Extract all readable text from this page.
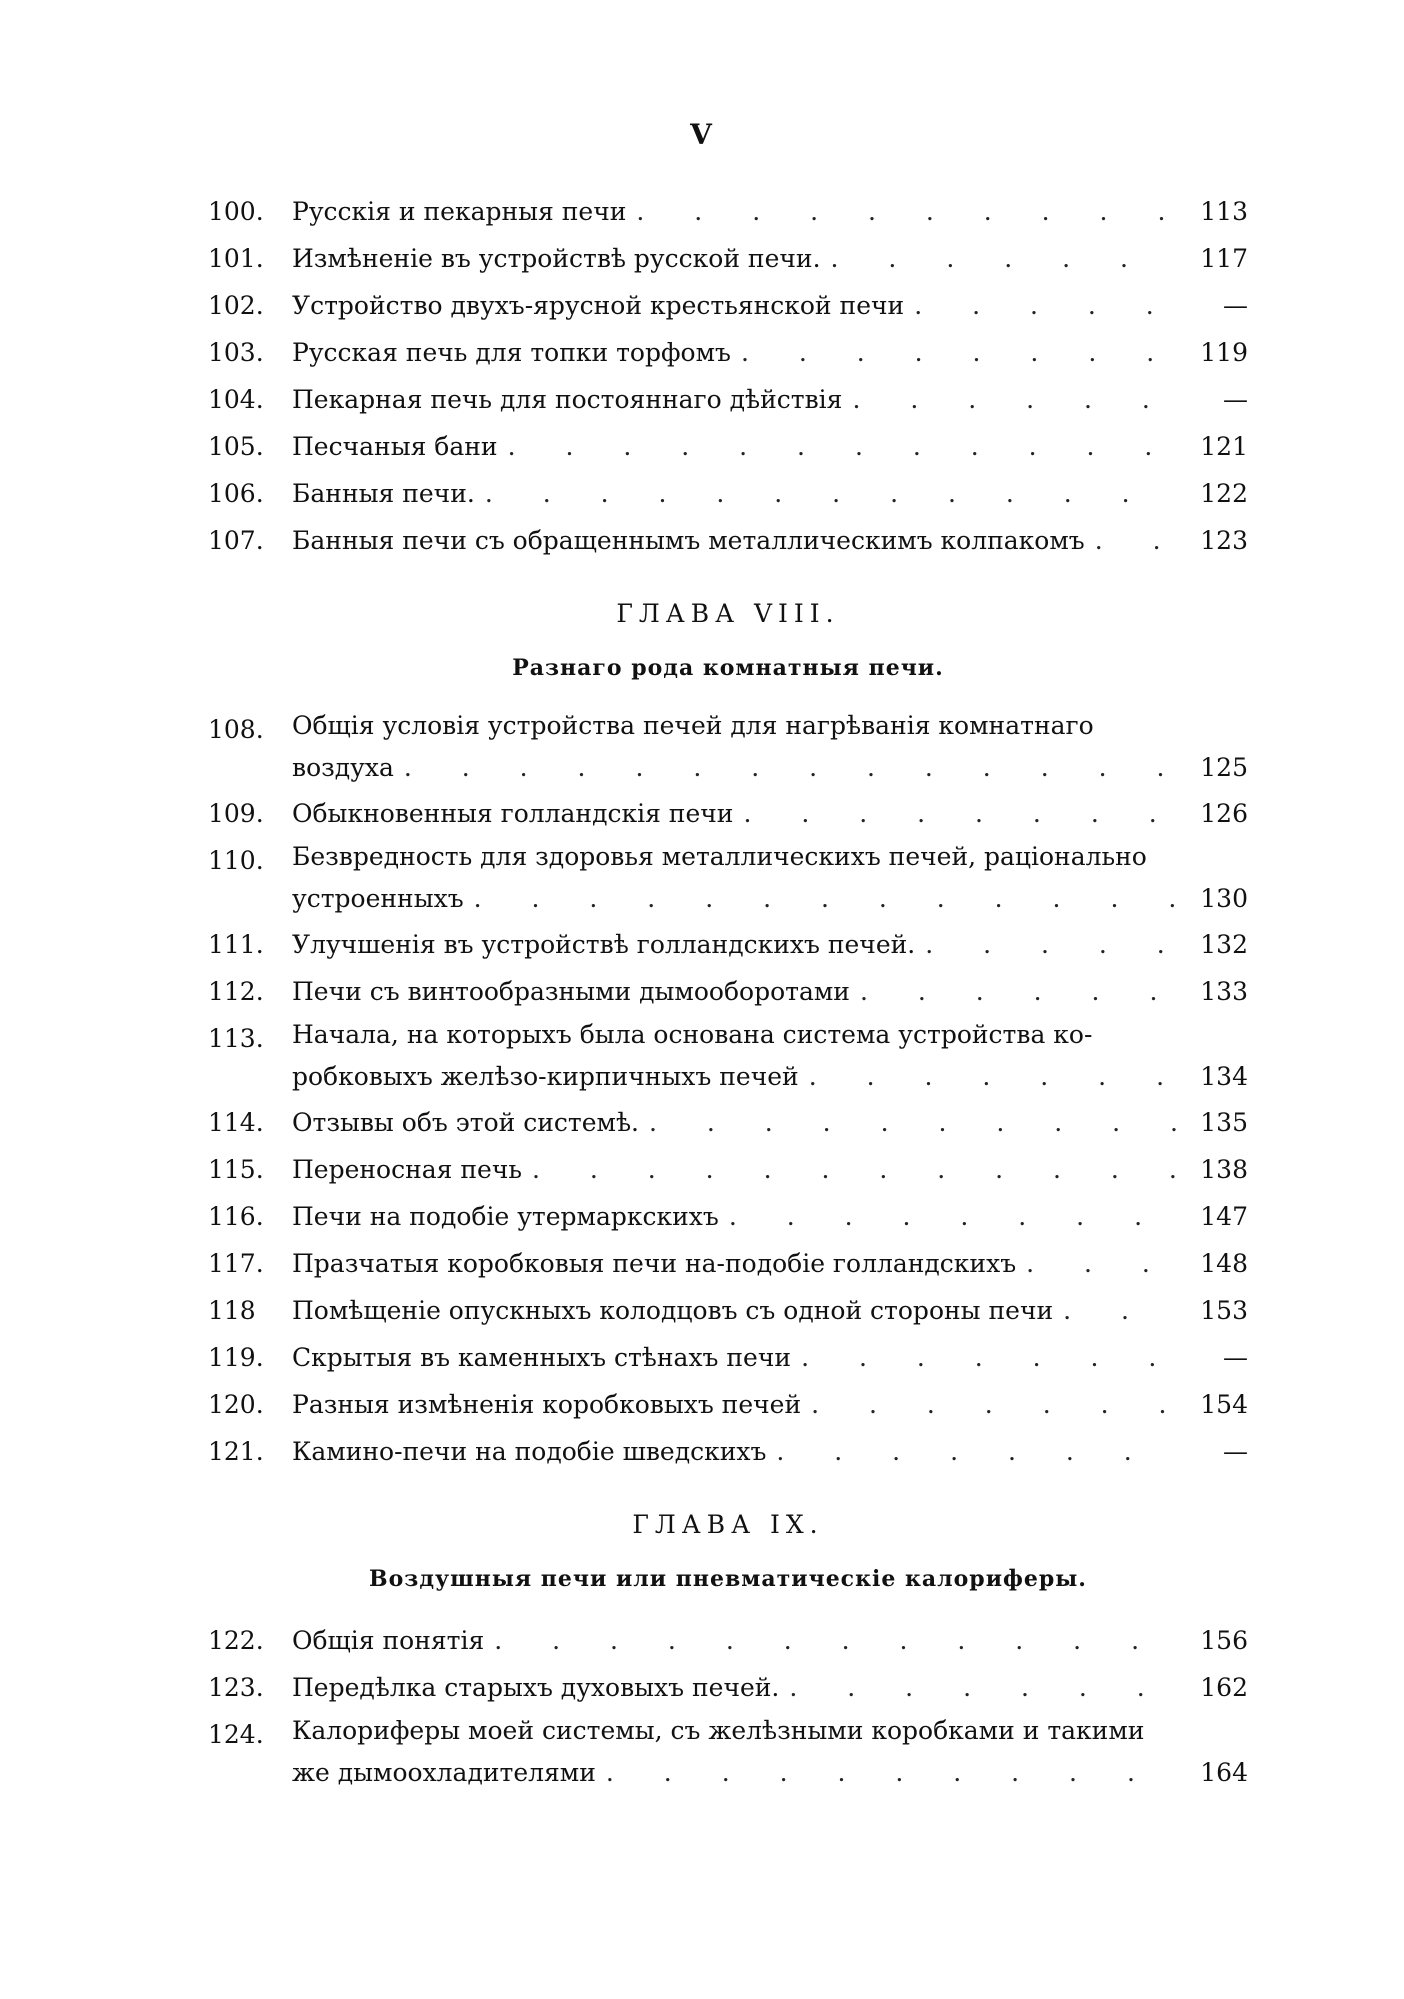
V
100.	Русскія и пекарныя печи . . .	113
101.	Измѣненіе въ устройствѣ русской печи. . . .	117
102.	Устройство двухъ-ярусной крестьянской печи . . .	—
103.	Русская печь для топки торфомъ . . .	119
104.	Пекарная печь для постояннаго дѣйствія . . .	—
105.	Песчаныя бани . . .	121
106.	Банныя печи. . . .	122
107.	Банныя печи съ обращеннымъ металлическимъ колпакомъ . . .	123
ГЛАВА VIII.
Разнаго рода комнатныя печи.
108.	Общія условія устройства печей для нагрѣванія комнатнаго
воздуха . . .	125
109.	Обыкновенныя голландскія печи . . .	126
110.	Безвредность для здоровья металлическихъ печей, раціонально
устроенныхъ . . .	130
111.	Улучшенія въ устройствѣ голландскихъ печей. . . .	132
112.	Печи съ винтообразными дымооборотами . . .	133
113.	Начала, на которыхъ была основана система устройства ко-
робковыхъ желѣзо-кирпичныхъ печей . . .	134
114.	Отзывы объ этой системѣ. . . .	135
115.	Переносная печь . . .	138
116.	Печи на подобіе утермаркскихъ . . .	147
117.	Празчатыя коробковыя печи на-подобіе голландскихъ . . .	148
118	Помѣщеніе опускныхъ колодцовъ съ одной стороны печи . . .	153
119.	Скрытыя въ каменныхъ стѣнахъ печи . . .	—
120.	Разныя измѣненія коробковыхъ печей . . .	154
121.	Камино-печи на подобіе шведскихъ . . .	—
ГЛАВА IX.
Воздушныя печи или пневматическіе калориферы.
122.	Общія понятія . . .	156
123.	Передѣлка старыхъ духовыхъ печей. . . .	162
124.	Калориферы моей системы, съ желѣзными коробками и такими
же дымоохладителями . . .	164
